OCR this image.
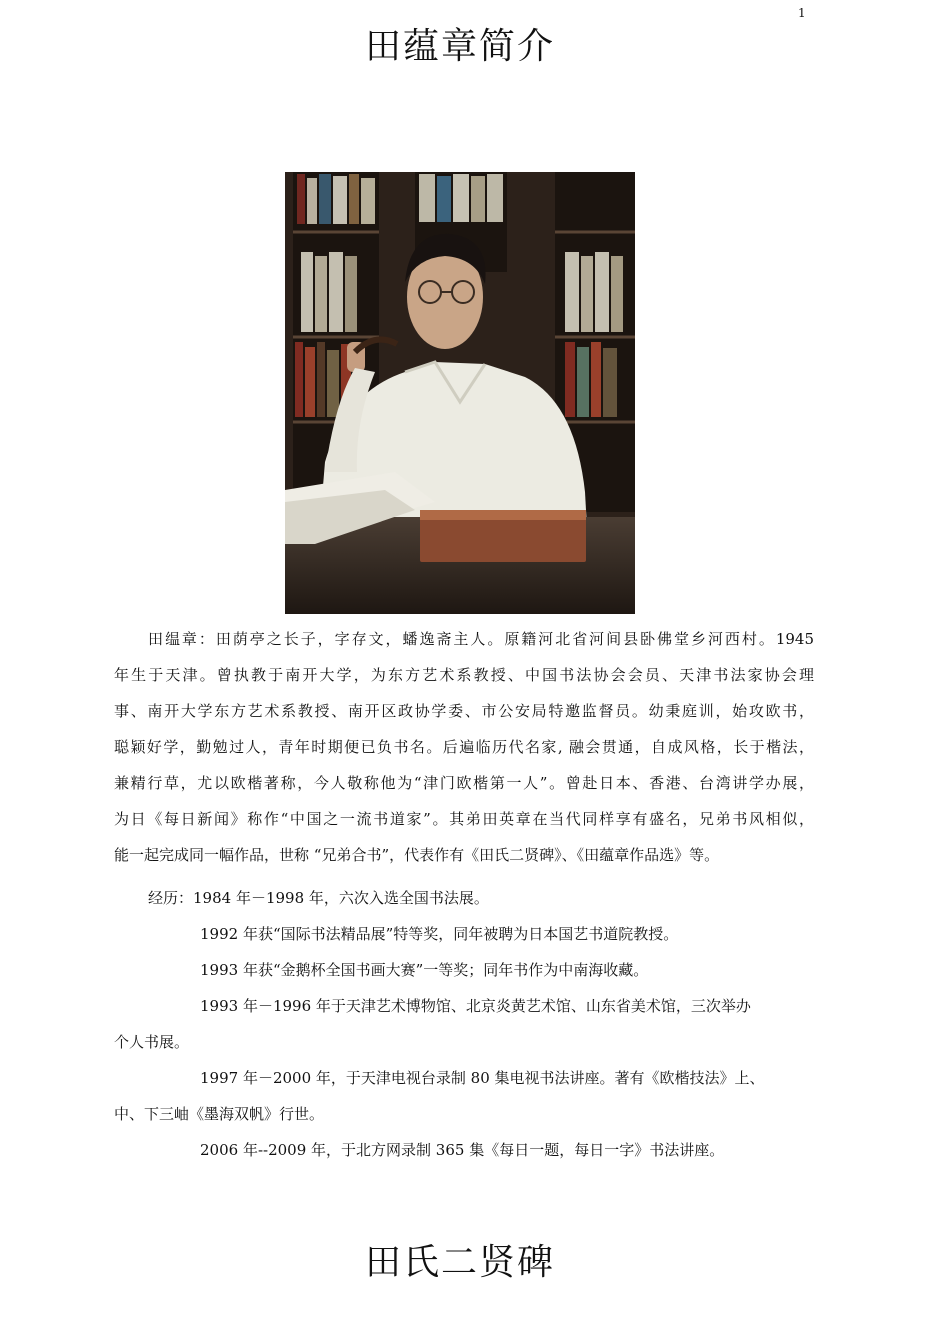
1
田蕴章简介
田缊章：田荫亭之长子，字存文，蟠逸斋主人。原籍河北省河间县卧佛堂乡河西村。1945
年生于天津。曾执教于南开大学，为东方艺术系教授、中国书法协会会员、天津书法家协会理
事、南开大学东方艺术系教授、南开区政协学委、市公安局特邀监督员。幼秉庭训，始攻欧书，
聪颖好学，勤勉过人，青年时期便已负书名。后遍临历代名家, 融会贯通，自成风格，长于楷法，
兼精行草，尤以欧楷著称，今人敬称他为“津门欧楷第一人”。曾赴日本、香港、台湾讲学办展，
为日《每日新闻》称作“中国之一流书道家”。其弟田英章在当代同样享有盛名，兄弟书风相似，
能一起完成同一幅作品，世称 “兄弟合书”，代表作有《田氏二贤碑》、《田蕴章作品选》等。
经历：1984 年－1998 年，六次入选全国书法展。
1992 年获“国际书法精品展”特等奖，同年被聘为日本国艺书道院教授。
1993 年获“金鹅杯全国书画大赛”一等奖；同年书作为中南海收藏。
1993 年－1996 年于天津艺术博物馆、北京炎黄艺术馆、山东省美术馆，三次举办
个人书展。
1997 年－2000 年，于天津电视台录制 80 集电视书法讲座。著有《欧楷技法》上、
中、下三岫《墨海双帆》行世。
2006 年--2009 年，于北方网录制 365 集《每日一题，每日一字》书法讲座。
田氏二贤碑
